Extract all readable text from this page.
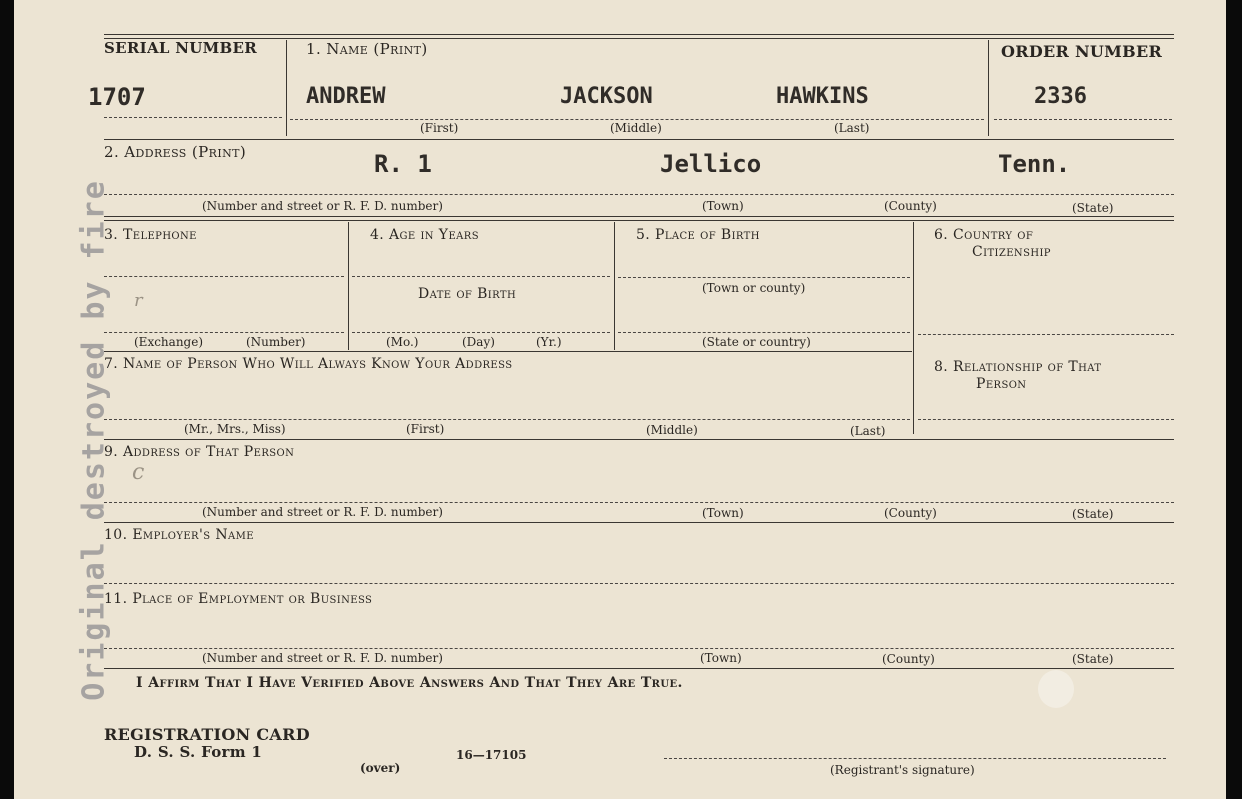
SERIAL NUMBER
1707
1. Name (Print)
ANDREW	JACKSON	HAWKINS
(First)	(Middle)	(Last)
ORDER NUMBER
2336
2. Address (Print)	R. 1	Jellico	Tenn.
(Number and street or R. F. D. number)	(Town)	(County)	(State)
3. Telephone
(Exchange)	(Number)
4. Age in Years
Date of Birth
(Mo.)	(Day)	(Yr.)
5. Place of Birth
(Town or county)
(State or country)
6. Country of
Citizenship
7. Name of Person Who Will Always Know Your Address
(Mr., Mrs., Miss)	(First)	(Middle)	(Last)
8. Relationship of That
Person
9. Address of That Person
(Number and street or R. F. D. number)	(Town)	(County)	(State)
10. Employer's Name
11. Place of Employment or Business
(Number and street or R. F. D. number)	(Town)	(County)	(State)
I Affirm That I Have Verified Above Answers And That They Are True.
REGISTRATION CARD
D. S. S. Form 1
(over)
16—17105
(Registrant's signature)
Original destroyed by fire r
c
